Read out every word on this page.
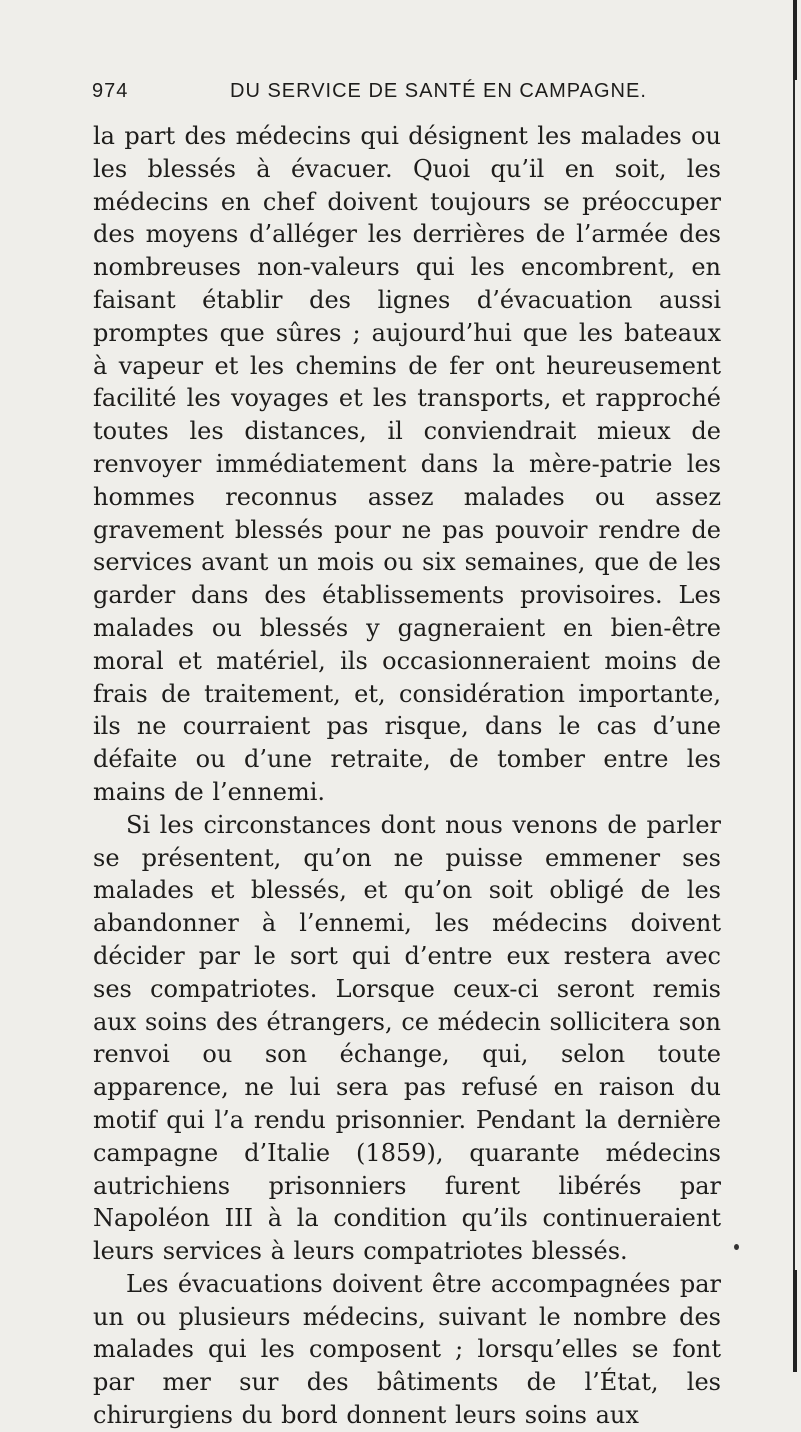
974	DU SERVICE DE SANTÉ EN CAMPAGNE.

la part des médecins qui désignent les malades ou les blessés à évacuer. Quoi qu’il en soit, les médecins en chef doivent toujours se préoccuper des moyens d’alléger les derrières de l’armée des nombreuses non-valeurs qui les encombrent, en faisant établir des lignes d’évacuation aussi promptes que sûres ; aujourd’hui que les bateaux à vapeur et les chemins de fer ont heureusement facilité les voyages et les transports, et rapproché toutes les distances, il conviendrait mieux de renvoyer immédiatement dans la mère-patrie les hommes reconnus assez malades ou assez gravement blessés pour ne pas pouvoir rendre de services avant un mois ou six semaines, que de les garder dans des établissements provisoires. Les malades ou blessés y gagneraient en bien-être moral et matériel, ils occasionneraient moins de frais de traitement, et, considération importante, ils ne courraient pas risque, dans le cas d’une défaite ou d’une retraite, de tomber entre les mains de l’ennemi.

Si les circonstances dont nous venons de parler se présentent, qu’on ne puisse emmener ses malades et blessés, et qu’on soit obligé de les abandonner à l’ennemi, les médecins doivent décider par le sort qui d’entre eux restera avec ses compatriotes. Lorsque ceux-ci seront remis aux soins des étrangers, ce médecin sollicitera son renvoi ou son échange, qui, selon toute apparence, ne lui sera pas refusé en raison du motif qui l’a rendu prisonnier. Pendant la dernière campagne d’Italie (1859), quarante médecins autrichiens prisonniers furent libérés par Napoléon III à la condition qu’ils continueraient leurs services à leurs compatriotes blessés.

Les évacuations doivent être accompagnées par un ou plusieurs médecins, suivant le nombre des malades qui les composent ; lorsqu’elles se font par mer sur des bâtiments de l’État, les chirurgiens du bord donnent leurs soins aux
